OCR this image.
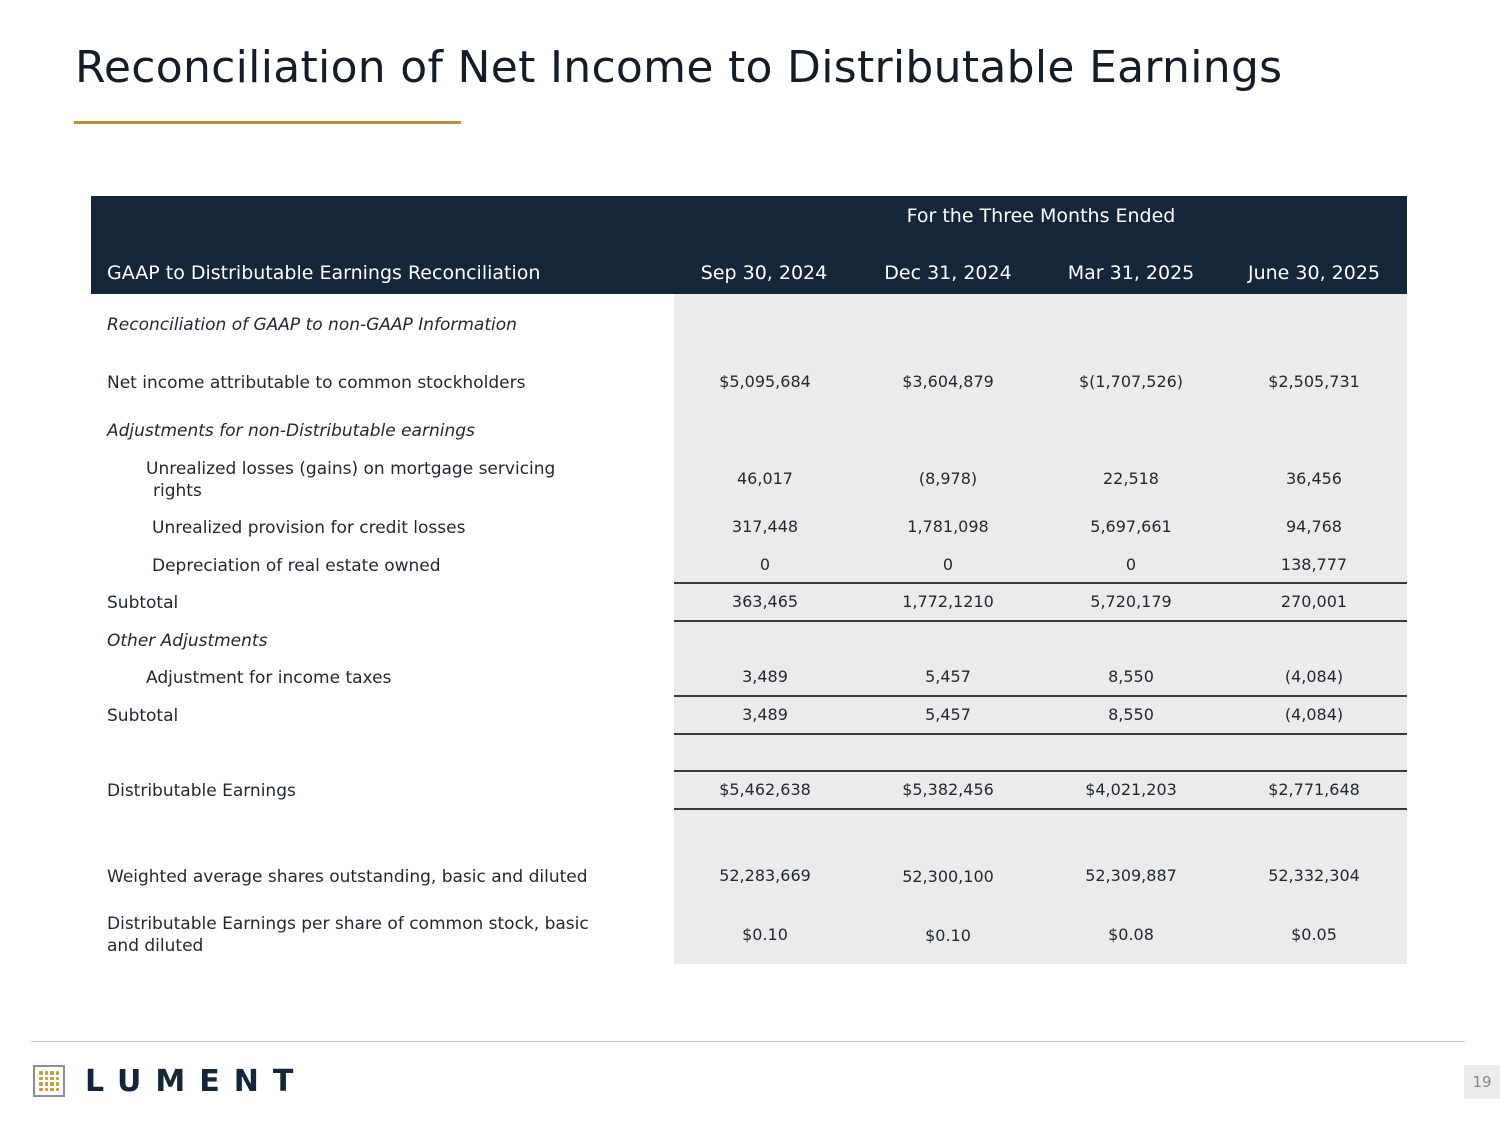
Reconciliation of Net Income to Distributable Earnings
For the Three Months Ended
GAAP to Distributable Earnings Reconciliation	Sep 30, 2024	Dec 31, 2024	Mar 31, 2025	June 30, 2025
Reconciliation of GAAP to non-GAAP Information
Net income attributable to common stockholders	$5,095,684	$3,604,879	$(1,707,526)	$2,505,731
Adjustments for non-Distributable earnings
Unrealized losses (gains) on mortgage servicing
rights
46,017	(8,978)	22,518	36,456
Unrealized provision for credit losses	317,448	1,781,098	5,697,661	94,768
Depreciation of real estate owned	0	0	0	138,777
Subtotal	363,465	1,772,1210	5,720,179	270,001
Other Adjustments
Adjustment for income taxes	3,489	5,457	8,550	(4,084)
Subtotal	3,489	5,457	8,550	(4,084)
Distributable Earnings	$5,462,638	$5,382,456	$4,021,203	$2,771,648
Weighted average shares outstanding, basic and diluted	52,283,669	52,300,100	52,309,887	52,332,304
Distributable Earnings per share of common stock, basic
and diluted
$0.10	$0.10	$0.08	$0.05
LUMENT	19
